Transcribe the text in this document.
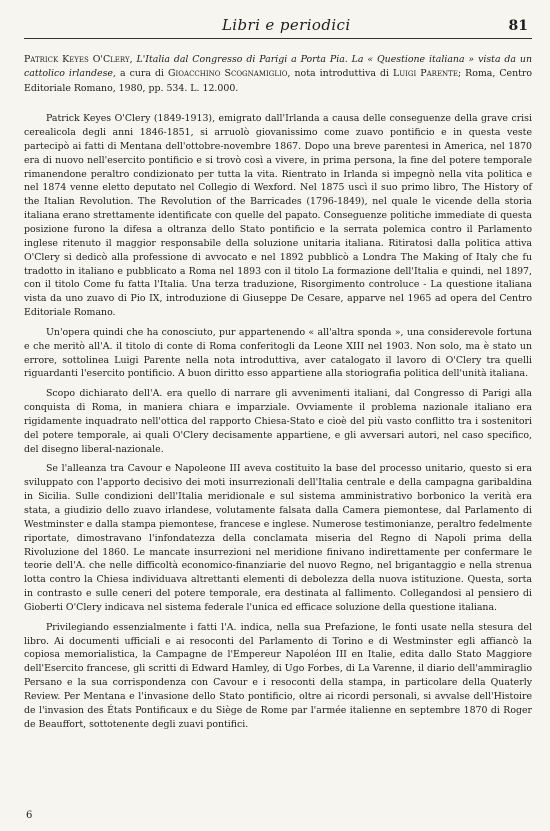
Libri e periodici	81
Patrick Keyes O'Clery, L'Italia dal Congresso di Parigi a Porta Pia. La « Questione italiana » vista da un cattolico irlandese, a cura di Gioacchino Scognamiglio, nota introduttiva di Luigi Parente; Roma, Centro Editoriale Romano, 1980, pp. 534. L. 12.000.

Patrick Keyes O'Clery (1849-1913), emigrato dall'Irlanda a causa delle conseguenze della grave crisi cerealicola degli anni 1846-1851, si arruolò giovanissimo come zuavo pontificio e in questa veste partecipò ai fatti di Mentana dell'ottobre-novembre 1867. Dopo una breve parentesi in America, nel 1870 era di nuovo nell'esercito pontificio e si trovò così a vivere, in prima persona, la fine del potere temporale rimanendone peraltro condizionato per tutta la vita. Rientrato in Irlanda si impegnò nella vita politica e nel 1874 venne eletto deputato nel Collegio di Wexford. Nel 1875 uscì il suo primo libro, The History of the Italian Revolution. The Revolution of the Barricades (1796-1849), nel quale le vicende della storia italiana erano strettamente identificate con quelle del papato. Conseguenze politiche immediate di questa posizione furono la difesa a oltranza dello Stato pontificio e la serrata polemica contro il Parlamento inglese ritenuto il maggior responsabile della soluzione unitaria italiana. Ritiratosi dalla politica attiva O'Clery si dedicò alla professione di avvocato e nel 1892 pubblicò a Londra The Making of Italy che fu tradotto in italiano e pubblicato a Roma nel 1893 con il titolo La formazione dell'Italia e quindi, nel 1897, con il titolo Come fu fatta l'Italia. Una terza traduzione, Risorgimento controluce - La questione italiana vista da uno zuavo di Pio IX, introduzione di Giuseppe De Cesare, apparve nel 1965 ad opera del Centro Editoriale Romano.

Un'opera quindi che ha conosciuto, pur appartenendo « all'altra sponda », una considerevole fortuna e che meritò all'A. il titolo di conte di Roma conferitogli da Leone XIII nel 1903. Non solo, ma è stato un errore, sottolinea Luigi Parente nella nota introduttiva, aver catalogato il lavoro di O'Clery tra quelli riguardanti l'esercito pontificio. A buon diritto esso appartiene alla storiografia politica dell'unità italiana.

Scopo dichiarato dell'A. era quello di narrare gli avvenimenti italiani, dal Congresso di Parigi alla conquista di Roma, in maniera chiara e imparziale. Ovviamente il problema nazionale italiano era rigidamente inquadrato nell'ottica del rapporto Chiesa-Stato e cioè del più vasto conflitto tra i sostenitori del potere temporale, ai quali O'Clery decisamente appartiene, e gli avversari autori, nel caso specifico, del disegno liberal-nazionale.

Se l'alleanza tra Cavour e Napoleone III aveva costituito la base del processo unitario, questo si era sviluppato con l'apporto decisivo dei moti insurrezionali dell'Italia centrale e della campagna garibaldina in Sicilia. Sulle condizioni dell'Italia meridionale e sul sistema amministrativo borbonico la verità era stata, a giudizio dello zuavo irlandese, volutamente falsata dalla Camera piemontese, dal Parlamento di Westminster e dalla stampa piemontese, francese e inglese. Numerose testimonianze, peraltro fedelmente riportate, dimostravano l'infondatezza della conclamata miseria del Regno di Napoli prima della Rivoluzione del 1860. Le mancate insurrezioni nel meridione finivano indirettamente per confermare le teorie dell'A. che nelle difficoltà economico-finanziarie del nuovo Regno, nel brigantaggio e nella strenua lotta contro la Chiesa individuava altrettanti elementi di debolezza della nuova istituzione. Questa, sorta in contrasto e sulle ceneri del potere temporale, era destinata al fallimento. Collegandosi al pensiero di Gioberti O'Clery indicava nel sistema federale l'unica ed efficace soluzione della questione italiana.

Privilegiando essenzialmente i fatti l'A. indica, nella sua Prefazione, le fonti usate nella stesura del libro. Ai documenti ufficiali e ai resoconti del Parlamento di Torino e di Westminster egli affiancò la copiosa memorialistica, la Campagne de l'Empereur Napoléon III en Italie, edita dallo Stato Maggiore dell'Esercito francese, gli scritti di Edward Hamley, di Ugo Forbes, di La Varenne, il diario dell'ammiraglio Persano e la sua corrispondenza con Cavour e i resoconti della stampa, in particolare della Quaterly Review. Per Mentana e l'invasione dello Stato pontificio, oltre ai ricordi personali, si avvalse dell'Histoire de l'invasion des États Pontificaux e du Siège de Rome par l'armée italienne en septembre 1870 di Roger de Beauffort, sottotenente degli zuavi pontifici.

6
